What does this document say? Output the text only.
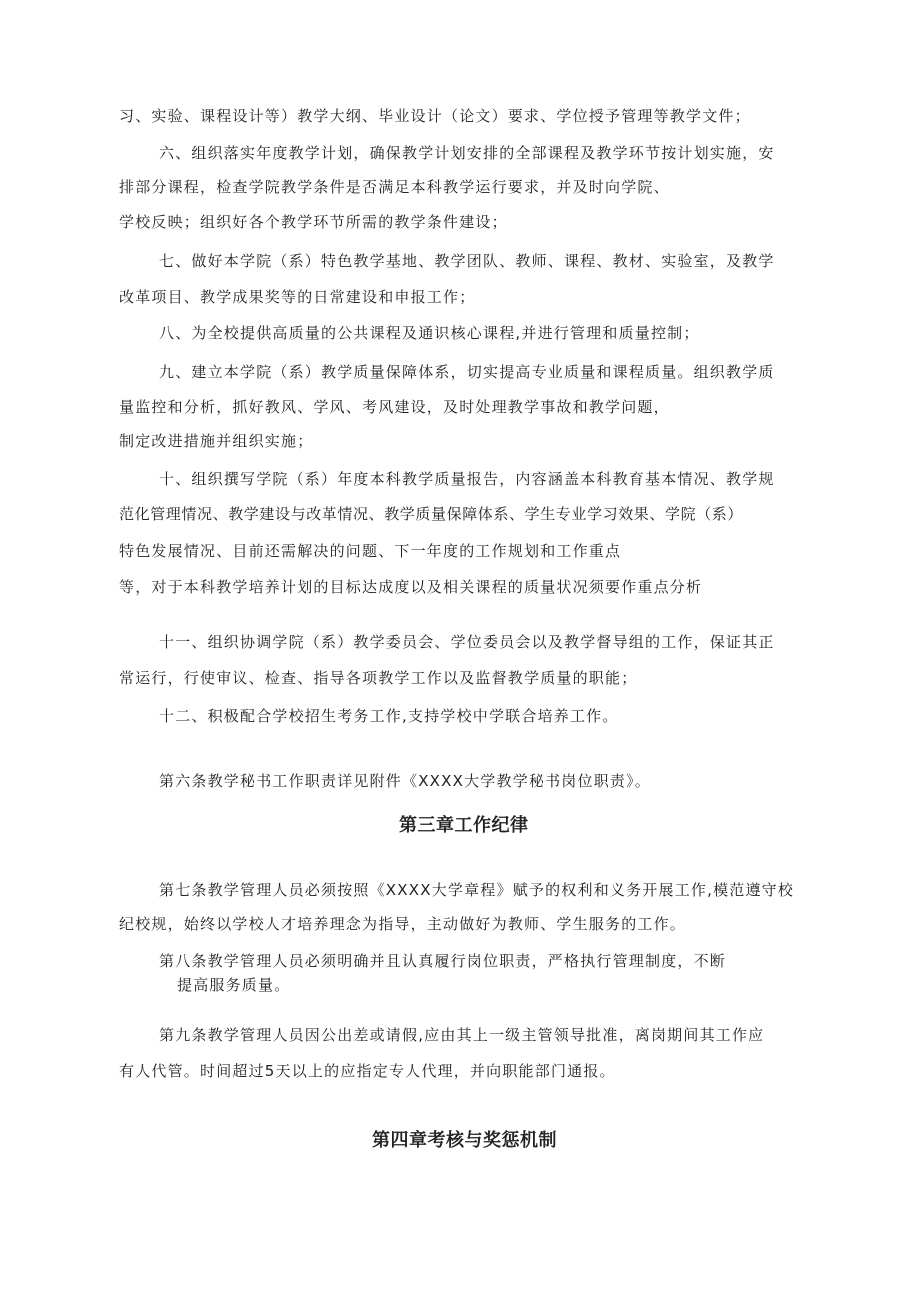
习、实验、课程设计等）教学大纲、毕业设计（论文）要求、学位授予管理等教学文件；
六、组织落实年度教学计划，确保教学计划安排的全部课程及教学环节按计划实施，安
排部分课程，检查学院教学条件是否满足本科教学运行要求，并及时向学院、
学校反映；组织好各个教学环节所需的教学条件建设；
七、做好本学院（系）特色教学基地、教学团队、教师、课程、教材、实验室，及教学
改革项目、教学成果奖等的日常建设和申报工作；
八、为全校提供高质量的公共课程及通识核心课程,并进行管理和质量控制；
九、建立本学院（系）教学质量保障体系，切实提高专业质量和课程质量。组织教学质
量监控和分析，抓好教风、学风、考风建设，及时处理教学事故和教学问题，
制定改进措施并组织实施；
十、组织撰写学院（系）年度本科教学质量报告，内容涵盖本科教育基本情况、教学规
范化管理情况、教学建设与改革情况、教学质量保障体系、学生专业学习效果、学院（系）
特色发展情况、目前还需解决的问题、下一年度的工作规划和工作重点
等，对于本科教学培养计划的目标达成度以及相关课程的质量状况须要作重点分析
十一、组织协调学院（系）教学委员会、学位委员会以及教学督导组的工作，保证其正
常运行，行使审议、检查、指导各项教学工作以及监督教学质量的职能；
十二、积极配合学校招生考务工作,支持学校中学联合培养工作。
第六条教学秘书工作职责详见附件《XXXX大学教学秘书岗位职责》。
第三章工作纪律
第七条教学管理人员必须按照《XXXX大学章程》赋予的权利和义务开展工作,模范遵守校
纪校规，始终以学校人才培养理念为指导，主动做好为教师、学生服务的工作。
第八条教学管理人员必须明确并且认真履行岗位职责，严格执行管理制度，不断
提高服务质量。
第九条教学管理人员因公出差或请假,应由其上一级主管领导批准，离岗期间其工作应
有人代管。时间超过5天以上的应指定专人代理，并向职能部门通报。
第四章考核与奖惩机制
